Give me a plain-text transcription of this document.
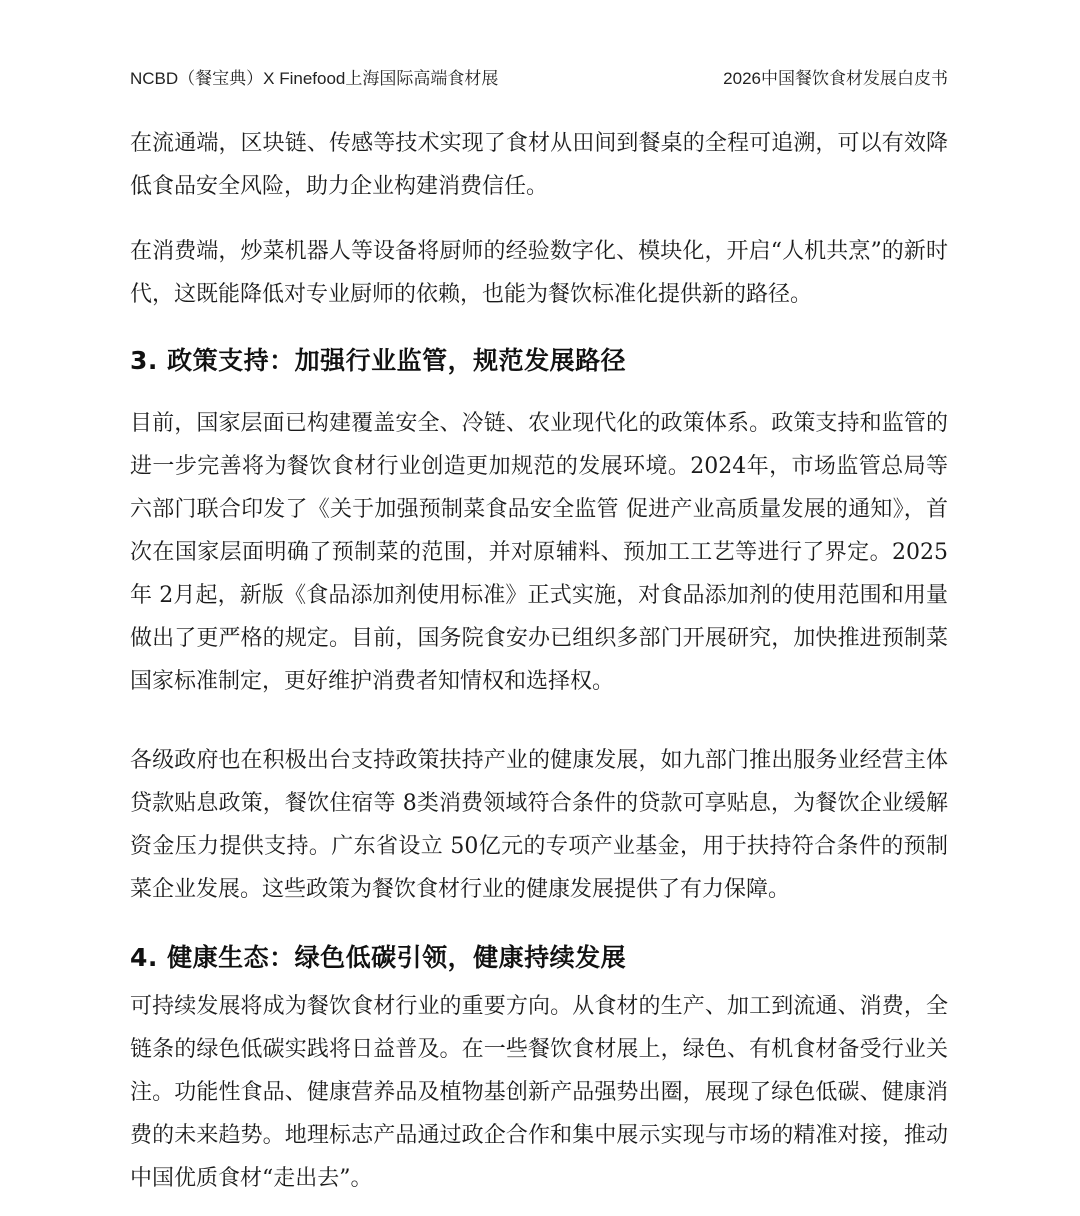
NCBD（餐宝典）X Finefood上海国际高端食材展	2026中国餐饮食材发展白皮书

在流通端，区块链、传感等技术实现了食材从田间到餐桌的全程可追溯，可以有效降低食品安全风险，助力企业构建消费信任。

在消费端，炒菜机器人等设备将厨师的经验数字化、模块化，开启“人机共烹”的新时代，这既能降低对专业厨师的依赖，也能为餐饮标准化提供新的路径。

3. 政策支持：加强行业监管，规范发展路径

目前，国家层面已构建覆盖安全、冷链、农业现代化的政策体系。政策支持和监管的进一步完善将为餐饮食材行业创造更加规范的发展环境。2024年，市场监管总局等六部门联合印发了《关于加强预制菜食品安全监管 促进产业高质量发展的通知》，首次在国家层面明确了预制菜的范围，并对原辅料、预加工工艺等进行了界定。2025年 2月起，新版《食品添加剂使用标准》正式实施，对食品添加剂的使用范围和用量做出了更严格的规定。目前，国务院食安办已组织多部门开展研究，加快推进预制菜国家标准制定，更好维护消费者知情权和选择权。

各级政府也在积极出台支持政策扶持产业的健康发展，如九部门推出服务业经营主体贷款贴息政策，餐饮住宿等 8类消费领域符合条件的贷款可享贴息，为餐饮企业缓解资金压力提供支持。广东省设立 50亿元的专项产业基金，用于扶持符合条件的预制菜企业发展。这些政策为餐饮食材行业的健康发展提供了有力保障。

4. 健康生态：绿色低碳引领，健康持续发展

可持续发展将成为餐饮食材行业的重要方向。从食材的生产、加工到流通、消费，全链条的绿色低碳实践将日益普及。在一些餐饮食材展上，绿色、有机食材备受行业关注。功能性食品、健康营养品及植物基创新产品强势出圈，展现了绿色低碳、健康消费的未来趋势。地理标志产品通过政企合作和集中展示实现与市场的精准对接，推动中国优质食材“走出去”。
